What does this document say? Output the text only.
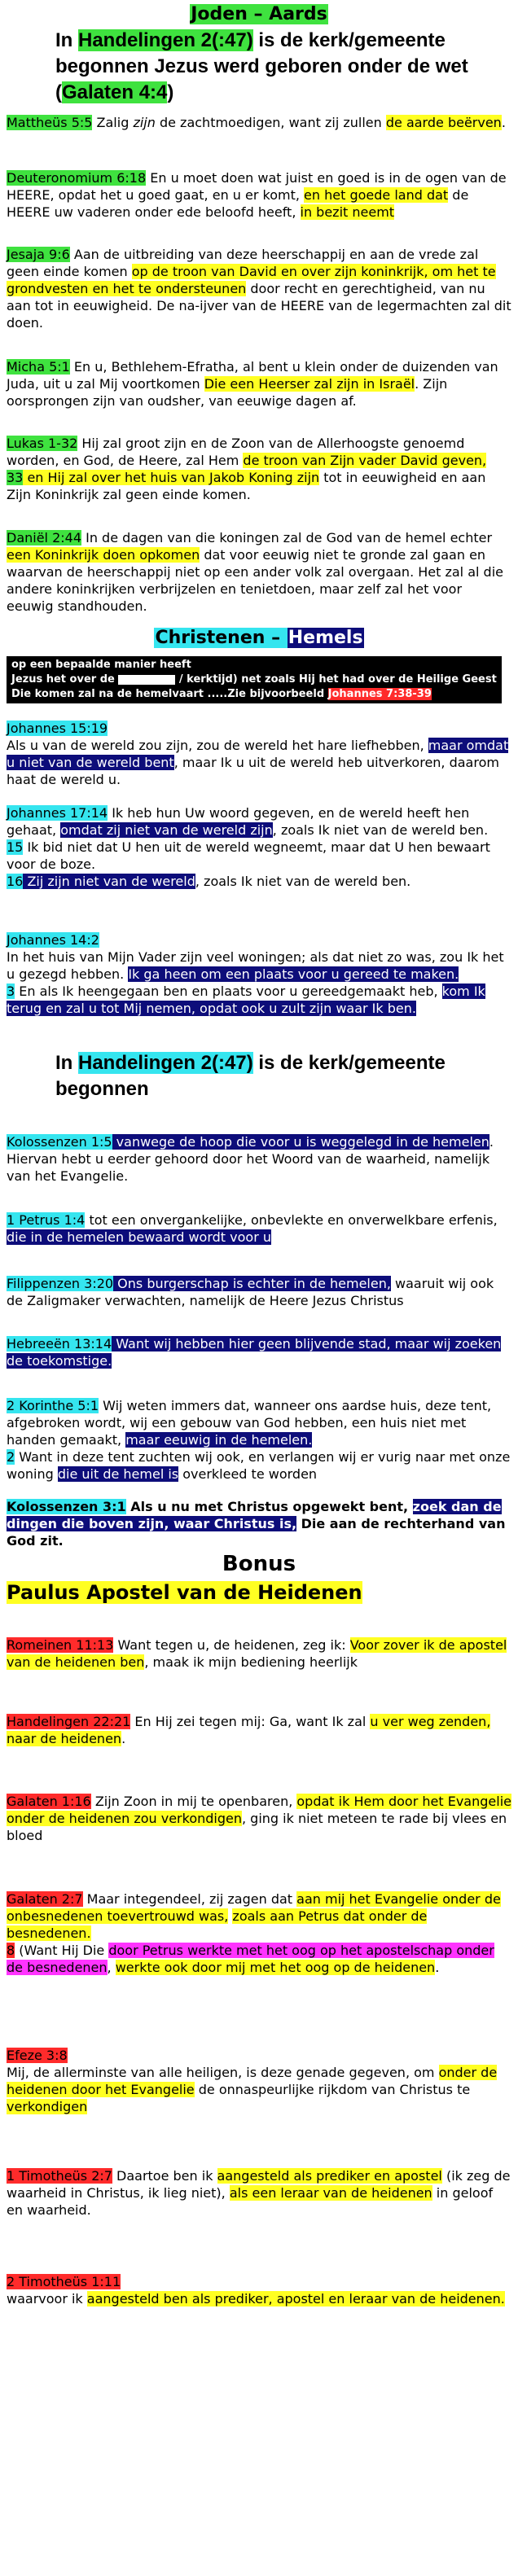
Joden – Aards
In Handelingen 2(:47) is de kerk/gemeente begonnen Jezus werd geboren onder de wet (Galaten 4:4)
Mattheüs 5:5 Zalig zijn de zachtmoedigen, want zij zullen de aarde beërven.
Deuteronomium 6:18 En u moet doen wat juist en goed is in de ogen van de HEERE, opdat het u goed gaat, en u er komt, en het goede land dat de HEERE uw vaderen onder ede beloofd heeft, in bezit neemt
Jesaja 9:6 Aan de uitbreiding van deze heerschappij en aan de vrede zal geen einde komen op de troon van David en over zijn koninkrijk, om het te grondvesten en het te ondersteunen door recht en gerechtigheid, van nu aan tot in eeuwigheid. De na-ijver van de HEERE van de legermachten zal dit doen.
Micha 5:1 En u, Bethlehem-Efratha, al bent u klein onder de duizenden van Juda, uit u zal Mij voortkomen Die een Heerser zal zijn in Israël. Zijn oorsprongen zijn van oudsher, van eeuwige dagen af.
Lukas 1-32 Hij zal groot zijn en de Zoon van de Allerhoogste genoemd worden, en God, de Heere, zal Hem de troon van Zijn vader David geven,
33 en Hij zal over het huis van Jakob Koning zijn tot in eeuwigheid en aan Zijn Koninkrijk zal geen einde komen.
Daniël 2:44 In de dagen van die koningen zal de God van de hemel echter een Koninkrijk doen opkomen dat voor eeuwig niet te gronde zal gaan en waarvan de heerschappij niet op een ander volk zal overgaan. Het zal al die andere koninkrijken verbrijzelen en tenietdoen, maar zelf zal het voor eeuwig standhouden.
Christenen – Hemels
op een bepaalde manier heeft
Jezus het over de	/ kerktijd) net zoals Hij het had over de Heilige Geest
Die komen zal na de hemelvaart .....Zie bijvoorbeeld Johannes 7:38-39
Johannes 15:19
Als u van de wereld zou zijn, zou de wereld het hare liefhebben, maar omdat u niet van de wereld bent, maar Ik u uit de wereld heb uitverkoren, daarom haat de wereld u.
Johannes 17:14 Ik heb hun Uw woord gegeven, en de wereld heeft hen gehaat, omdat zij niet van de wereld zijn, zoals Ik niet van de wereld ben.
15 Ik bid niet dat U hen uit de wereld wegneemt, maar dat U hen bewaart voor de boze.
16 Zij zijn niet van de wereld, zoals Ik niet van de wereld ben.
Johannes 14:2
In het huis van Mijn Vader zijn veel woningen; als dat niet zo was, zou Ik het u gezegd hebben. Ik ga heen om een plaats voor u gereed te maken.
3 En als Ik heengegaan ben en plaats voor u gereedgemaakt heb, kom Ik terug en zal u tot Mij nemen, opdat ook u zult zijn waar Ik ben.
In Handelingen 2(:47) is de kerk/gemeente begonnen
Kolossenzen 1:5 vanwege de hoop die voor u is weggelegd in de hemelen. Hiervan hebt u eerder gehoord door het Woord van de waarheid, namelijk van het Evangelie.
1 Petrus 1:4 tot een onvergankelijke, onbevlekte en onverwelkbare erfenis, die in de hemelen bewaard wordt voor u
Filippenzen 3:20 Ons burgerschap is echter in de hemelen, waaruit wij ook de Zaligmaker verwachten, namelijk de Heere Jezus Christus
Hebreeën 13:14 Want wij hebben hier geen blijvende stad, maar wij zoeken de toekomstige.
2 Korinthe 5:1 Wij weten immers dat, wanneer ons aardse huis, deze tent, afgebroken wordt, wij een gebouw van God hebben, een huis niet met handen gemaakt, maar eeuwig in de hemelen.
2 Want in deze tent zuchten wij ook, en verlangen wij er vurig naar met onze woning die uit de hemel is overkleed te worden
Kolossenzen 3:1 Als u nu met Christus opgewekt bent, zoek dan de dingen die boven zijn, waar Christus is, Die aan de rechterhand van God zit.
Bonus
Paulus Apostel van de Heidenen
Romeinen 11:13 Want tegen u, de heidenen, zeg ik: Voor zover ik de apostel van de heidenen ben, maak ik mijn bediening heerlijk
Handelingen 22:21 En Hij zei tegen mij: Ga, want Ik zal u ver weg zenden, naar de heidenen.
Galaten 1:16 Zijn Zoon in mij te openbaren, opdat ik Hem door het Evangelie onder de heidenen zou verkondigen, ging ik niet meteen te rade bij vlees en bloed
Galaten 2:7 Maar integendeel, zij zagen dat aan mij het Evangelie onder de onbesnedenen toevertrouwd was, zoals aan Petrus dat onder de besnedenen.
8 (Want Hij Die door Petrus werkte met het oog op het apostelschap onder de besnedenen, werkte ook door mij met het oog op de heidenen.
Efeze 3:8
Mij, de allerminste van alle heiligen, is deze genade gegeven, om onder de heidenen door het Evangelie de onnaspeurlijke rijkdom van Christus te verkondigen
1 Timotheüs 2:7 Daartoe ben ik aangesteld als prediker en apostel (ik zeg de waarheid in Christus, ik lieg niet), als een leraar van de heidenen in geloof en waarheid.
2 Timotheüs 1:11
waarvoor ik aangesteld ben als prediker, apostel en leraar van de heidenen.
